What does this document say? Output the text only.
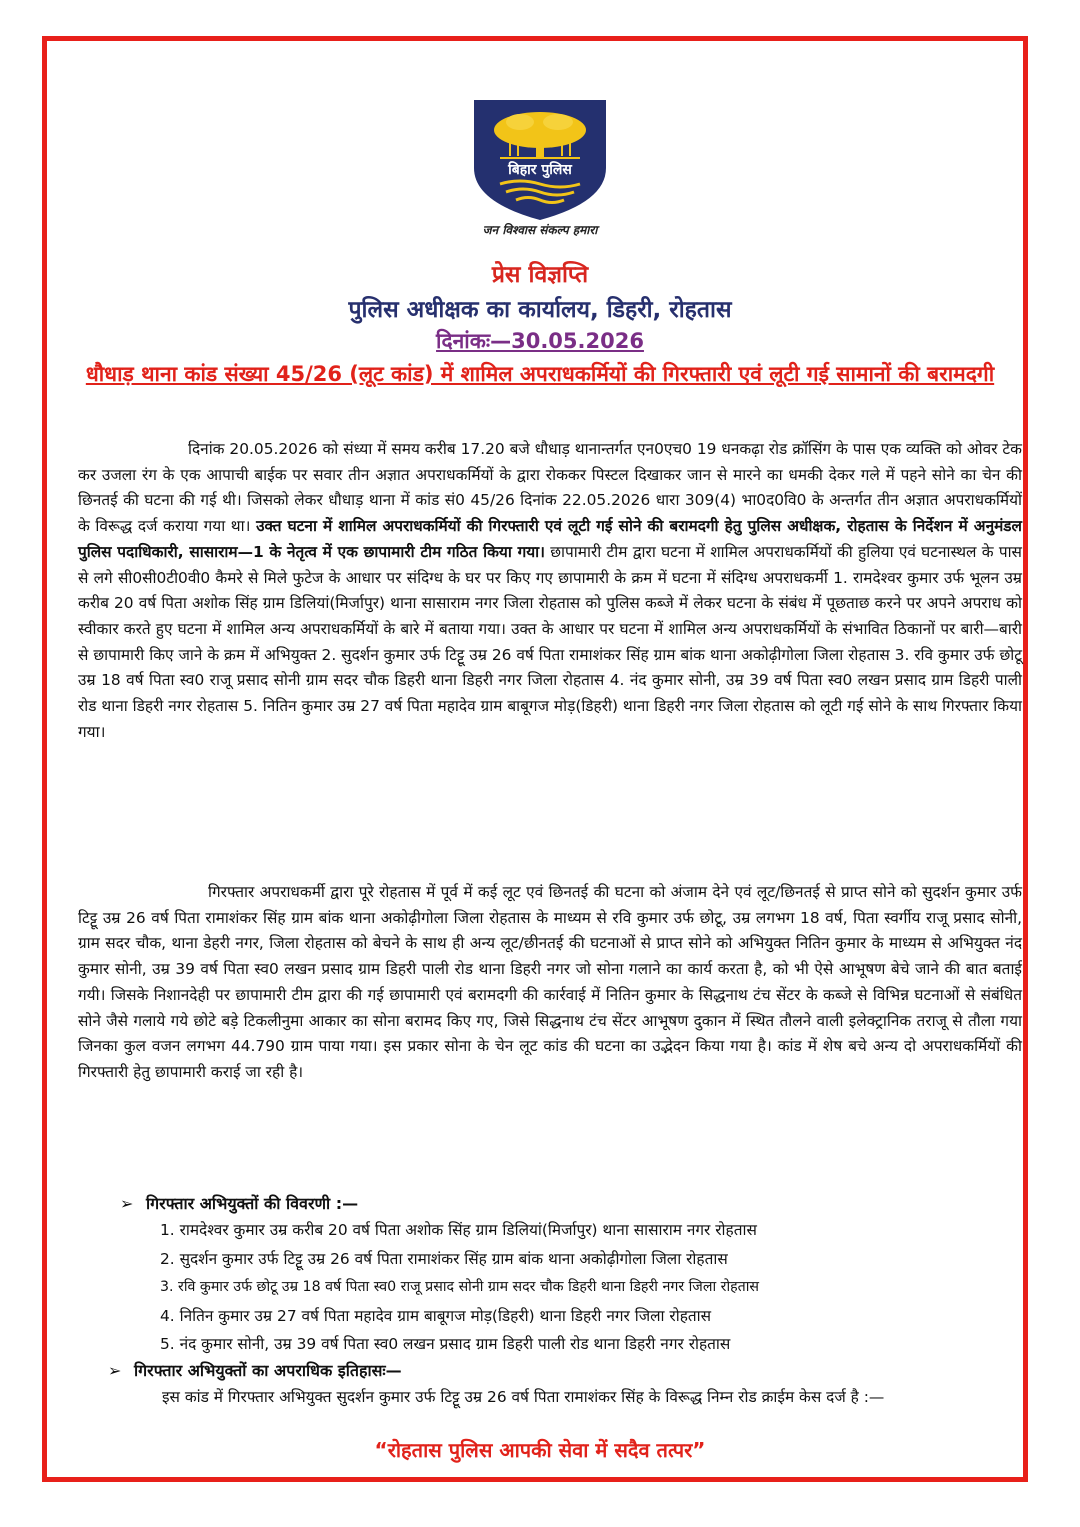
बिहार पुलिस
जन विश्वास संकल्प हमारा
प्रेस विज्ञप्ति
पुलिस अधीक्षक का कार्यालय, डिहरी, रोहतास
दिनांकः—30.05.2026
धौधाड़ थाना कांड संख्या 45/26 (लूट कांड) में शामिल अपराधकर्मियों की गिरफ्तारी एवं लूटी गई सामानों की बरामदगी

दिनांक 20.05.2026 को संध्या में समय करीब 17.20 बजे धौधाड़ थानान्तर्गत एन0एच0 19 धनकढ़ा रोड क्रॉसिंग के पास एक व्यक्ति को ओवर टेक कर उजला रंग के एक आपाची बाईक पर सवार तीन अज्ञात अपराधकर्मियों के द्वारा रोककर पिस्टल दिखाकर जान से मारने का धमकी देकर गले में पहने सोने का चेन की छिनतई की घटना की गई थी। जिसको लेकर धौधाड़ थाना में कांड सं0 45/26 दिनांक 22.05.2026 धारा 309(4) भा0द0वि0 के अन्तर्गत तीन अज्ञात अपराधकर्मियों के विरूद्ध दर्ज कराया गया था। उक्त घटना में शामिल अपराधकर्मियों की गिरफ्तारी एवं लूटी गई सोने की बरामदगी हेतु पुलिस अधीक्षक, रोहतास के निर्देशन में अनुमंडल पुलिस पदाधिकारी, सासाराम—1 के नेतृत्व में एक छापामारी टीम गठित किया गया। छापामारी टीम द्वारा घटना में शामिल अपराधकर्मियों की हुलिया एवं घटनास्थल के पास से लगे सी0सी0टी0वी0 कैमरे से मिले फुटेज के आधार पर संदिग्ध के घर पर किए गए छापामारी के क्रम में घटना में संदिग्ध अपराधकर्मी 1. रामदेश्वर कुमार उर्फ भूलन उम्र करीब 20 वर्ष पिता अशोक सिंह ग्राम डिलियां(मिर्जापुर) थाना सासाराम नगर जिला रोहतास को पुलिस कब्जे में लेकर घटना के संबंध में पूछताछ करने पर अपने अपराध को स्वीकार करते हुए घटना में शामिल अन्य अपराधकर्मियों के बारे में बताया गया। उक्त के आधार पर घटना में शामिल अन्य अपराधकर्मियों के संभावित ठिकानों पर बारी—बारी से छापामारी किए जाने के क्रम में अभियुक्त 2. सुदर्शन कुमार उर्फ टिट्टू उम्र 26 वर्ष पिता रामाशंकर सिंह ग्राम बांक थाना अकोढ़ीगोला जिला रोहतास 3. रवि कुमार उर्फ छोटू उम्र 18 वर्ष पिता स्व0 राजू प्रसाद सोनी ग्राम सदर चौक डिहरी थाना डिहरी नगर जिला रोहतास 4. नंद कुमार सोनी, उम्र 39 वर्ष पिता स्व0 लखन प्रसाद ग्राम डिहरी पाली रोड थाना डिहरी नगर रोहतास 5. नितिन कुमार उम्र 27 वर्ष पिता महादेव ग्राम बाबूगज मोड़(डिहरी) थाना डिहरी नगर जिला रोहतास को लूटी गई सोने के साथ गिरफ्तार किया गया।

गिरफ्तार अपराधकर्मी द्वारा पूरे रोहतास में पूर्व में कई लूट एवं छिनतई की घटना को अंजाम देने एवं लूट/छिनतई से प्राप्त सोने को सुदर्शन कुमार उर्फ टिट्टू उम्र 26 वर्ष पिता रामाशंकर सिंह ग्राम बांक थाना अकोढ़ीगोला जिला रोहतास के माध्यम से रवि कुमार उर्फ छोटू, उम्र लगभग 18 वर्ष, पिता स्वर्गीय राजू प्रसाद सोनी, ग्राम सदर चौक, थाना डेहरी नगर, जिला रोहतास को बेचने के साथ ही अन्य लूट/छीनतई की घटनाओं से प्राप्त सोने को अभियुक्त नितिन कुमार के माध्यम से अभियुक्त नंद कुमार सोनी, उम्र 39 वर्ष पिता स्व0 लखन प्रसाद ग्राम डिहरी पाली रोड थाना डिहरी नगर जो सोना गलाने का कार्य करता है, को भी ऐसे आभूषण बेचे जाने की बात बताई गयी। जिसके निशानदेही पर छापामारी टीम द्वारा की गई छापामारी एवं बरामदगी की कार्रवाई में नितिन कुमार के सिद्धनाथ टंच सेंटर के कब्जे से विभिन्न घटनाओं से संबंधित सोने जैसे गलाये गये छोटे बड़े टिकलीनुमा आकार का सोना बरामद किए गए, जिसे सिद्धनाथ टंच सेंटर आभूषण दुकान में स्थित तौलने वाली इलेक्ट्रानिक तराजू से तौला गया जिनका कुल वजन लगभग 44.790 ग्राम पाया गया। इस प्रकार सोना के चेन लूट कांड की घटना का उद्भेदन किया गया है। कांड में शेष बचे अन्य दो अपराधकर्मियों की गिरफ्तारी हेतु छापामारी कराई जा रही है।

➢ गिरफ्तार अभियुक्तों की विवरणी :—
1. रामदेश्वर कुमार उम्र करीब 20 वर्ष पिता अशोक सिंह ग्राम डिलियां(मिर्जापुर) थाना सासाराम नगर रोहतास
2. सुदर्शन कुमार उर्फ टिट्टू उम्र 26 वर्ष पिता रामाशंकर सिंह ग्राम बांक थाना अकोढ़ीगोला जिला रोहतास
3. रवि कुमार उर्फ छोटू उम्र 18 वर्ष पिता स्व0 राजू प्रसाद सोनी ग्राम सदर चौक डिहरी थाना डिहरी नगर जिला रोहतास
4. नितिन कुमार उम्र 27 वर्ष पिता महादेव ग्राम बाबूगज मोड़(डिहरी) थाना डिहरी नगर जिला रोहतास
5. नंद कुमार सोनी, उम्र 39 वर्ष पिता स्व0 लखन प्रसाद ग्राम डिहरी पाली रोड थाना डिहरी नगर रोहतास
➢ गिरफ्तार अभियुक्तों का अपराधिक इतिहासः—

इस कांड में गिरफ्तार अभियुक्त सुदर्शन कुमार उर्फ टिट्टू उम्र 26 वर्ष पिता रामाशंकर सिंह के विरूद्ध निम्न रोड क्राईम केस दर्ज है :—

“रोहतास पुलिस आपकी सेवा में सदैव तत्पर”
